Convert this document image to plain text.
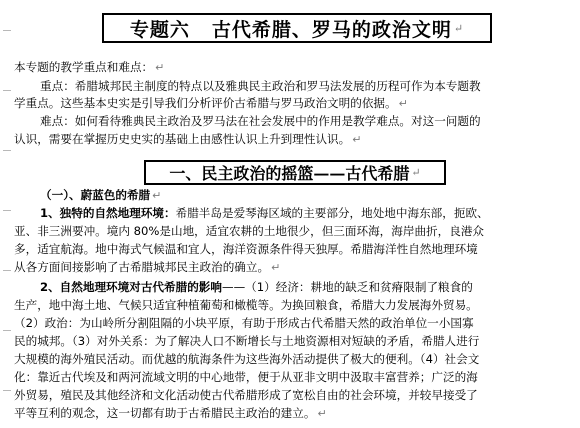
专题六 古代希腊、罗马的政治文明 ↵
本专题的教学重点和难点： ↵
重点：希腊城邦民主制度的特点以及雅典民主政治和罗马法发展的历程可作为本专题教
学重点。这些基本史实是引导我们分析评价古希腊与罗马政治文明的依据。 ↵
难点：如何看待雅典民主政治及罗马法在社会发展中的作用是教学难点。对这一问题的
认识，需要在掌握历史史实的基础上由感性认识上升到理性认识。 ↵
一、民主政治的摇篮——古代希腊 ↵
（一）、蔚蓝色的希腊 ↵
1、独特的自然地理环境：希腊半岛是爱琴海区域的主要部分，地处地中海东部，扼欧、
亚、非三洲要冲。境内 80%是山地，适宜农耕的土地很少，但三面环海，海岸曲折，良港众
多，适宜航海。地中海式气候温和宜人，海洋资源条件得天独厚。希腊海洋性自然地理环境
从各方面间接影响了古希腊城邦民主政治的确立。 ↵
2、自然地理环境对古代希腊的影响——（1）经济：耕地的缺乏和贫瘠限制了粮食的
生产，地中海土地、气候只适宜种植葡萄和橄榄等。为换回粮食，希腊大力发展海外贸易。
（2）政治：为山岭所分割阻隔的小块平原，有助于形成古代希腊天然的政治单位一小国寡
民的城邦。（3）对外关系：为了解决人口不断增长与土地资源相对短缺的矛盾，希腊人进行
大规模的海外殖民活动。而优越的航海条件为这些海外活动提供了极大的便利。（4）社会文
化：靠近古代埃及和两河流域文明的中心地带，便于从亚非文明中汲取丰富营养；广泛的海
外贸易，殖民及其他经济和文化活动使古代希腊形成了宽松自由的社会环境，并较早接受了
平等互利的观念，这一切都有助于古希腊民主政治的建立。 ↵
